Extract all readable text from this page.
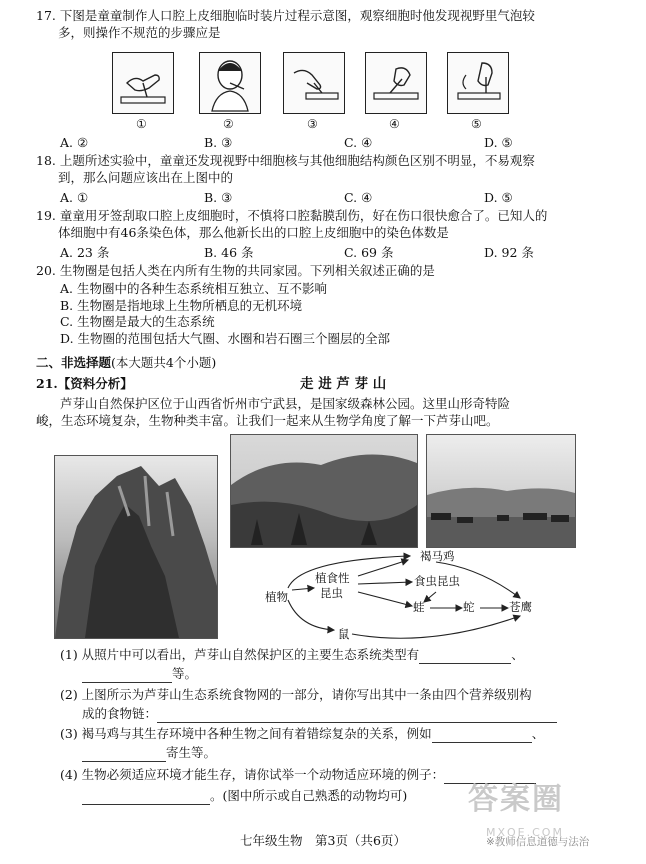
17. 下图是童童制作人口腔上皮细胞临时装片过程示意图，观察细胞时他发现视野里气泡较
多，则操作不规范的步骤应是
①	②	③	④	⑤
A. ②	B. ③	C. ④	D. ⑤
18. 上题所述实验中，童童还发现视野中细胞核与其他细胞结构颜色区别不明显，不易观察
到，那么问题应该出在上图中的
A. ①	B. ③	C. ④	D. ⑤
19. 童童用牙签刮取口腔上皮细胞时，不慎将口腔黏膜刮伤，好在伤口很快愈合了。已知人的
体细胞中有46条染色体，那么他新长出的口腔上皮细胞中的染色体数是
A. 23 条	B. 46 条	C. 69 条	D. 92 条
20. 生物圈是包括人类在内所有生物的共同家园。下列相关叙述正确的是
A. 生物圈中的各种生态系统相互独立、互不影响
B. 生物圈是指地球上生物所栖息的无机环境
C. 生物圈是最大的生态系统
D. 生物圈的范围包括大气圈、水圈和岩石圈三个圈层的全部
二、非选择题(本大题共4个小题)
21.【资料分析】	走 进 芦 芽 山
芦芽山自然保护区位于山西省忻州市宁武县，是国家级森林公园。这里山形奇特险
峻，生态环境复杂，生物种类丰富。让我们一起来从生物学角度了解一下芦芽山吧。
植物
植食性
昆虫
褐马鸡
食虫昆虫
蛙	蛇	苍鹰
鼠
(1) 从照片中可以看出，芦芽山自然保护区的主要生态系统类型有	、
等。
(2) 上图所示为芦芽山生态系统食物网的一部分，请你写出其中一条由四个营养级别构
成的食物链：
(3) 褐马鸡与其生存环境中各种生物之间有着错综复杂的关系，例如	、
寄生等。
(4) 生物必须适应环境才能生存，请你试举一个动物适应环境的例子：
。(图中所示或自己熟悉的动物均可)
七年级生物　第3页（共6页）
答案圈
MXQE.COM
※教师信息道德与法治
